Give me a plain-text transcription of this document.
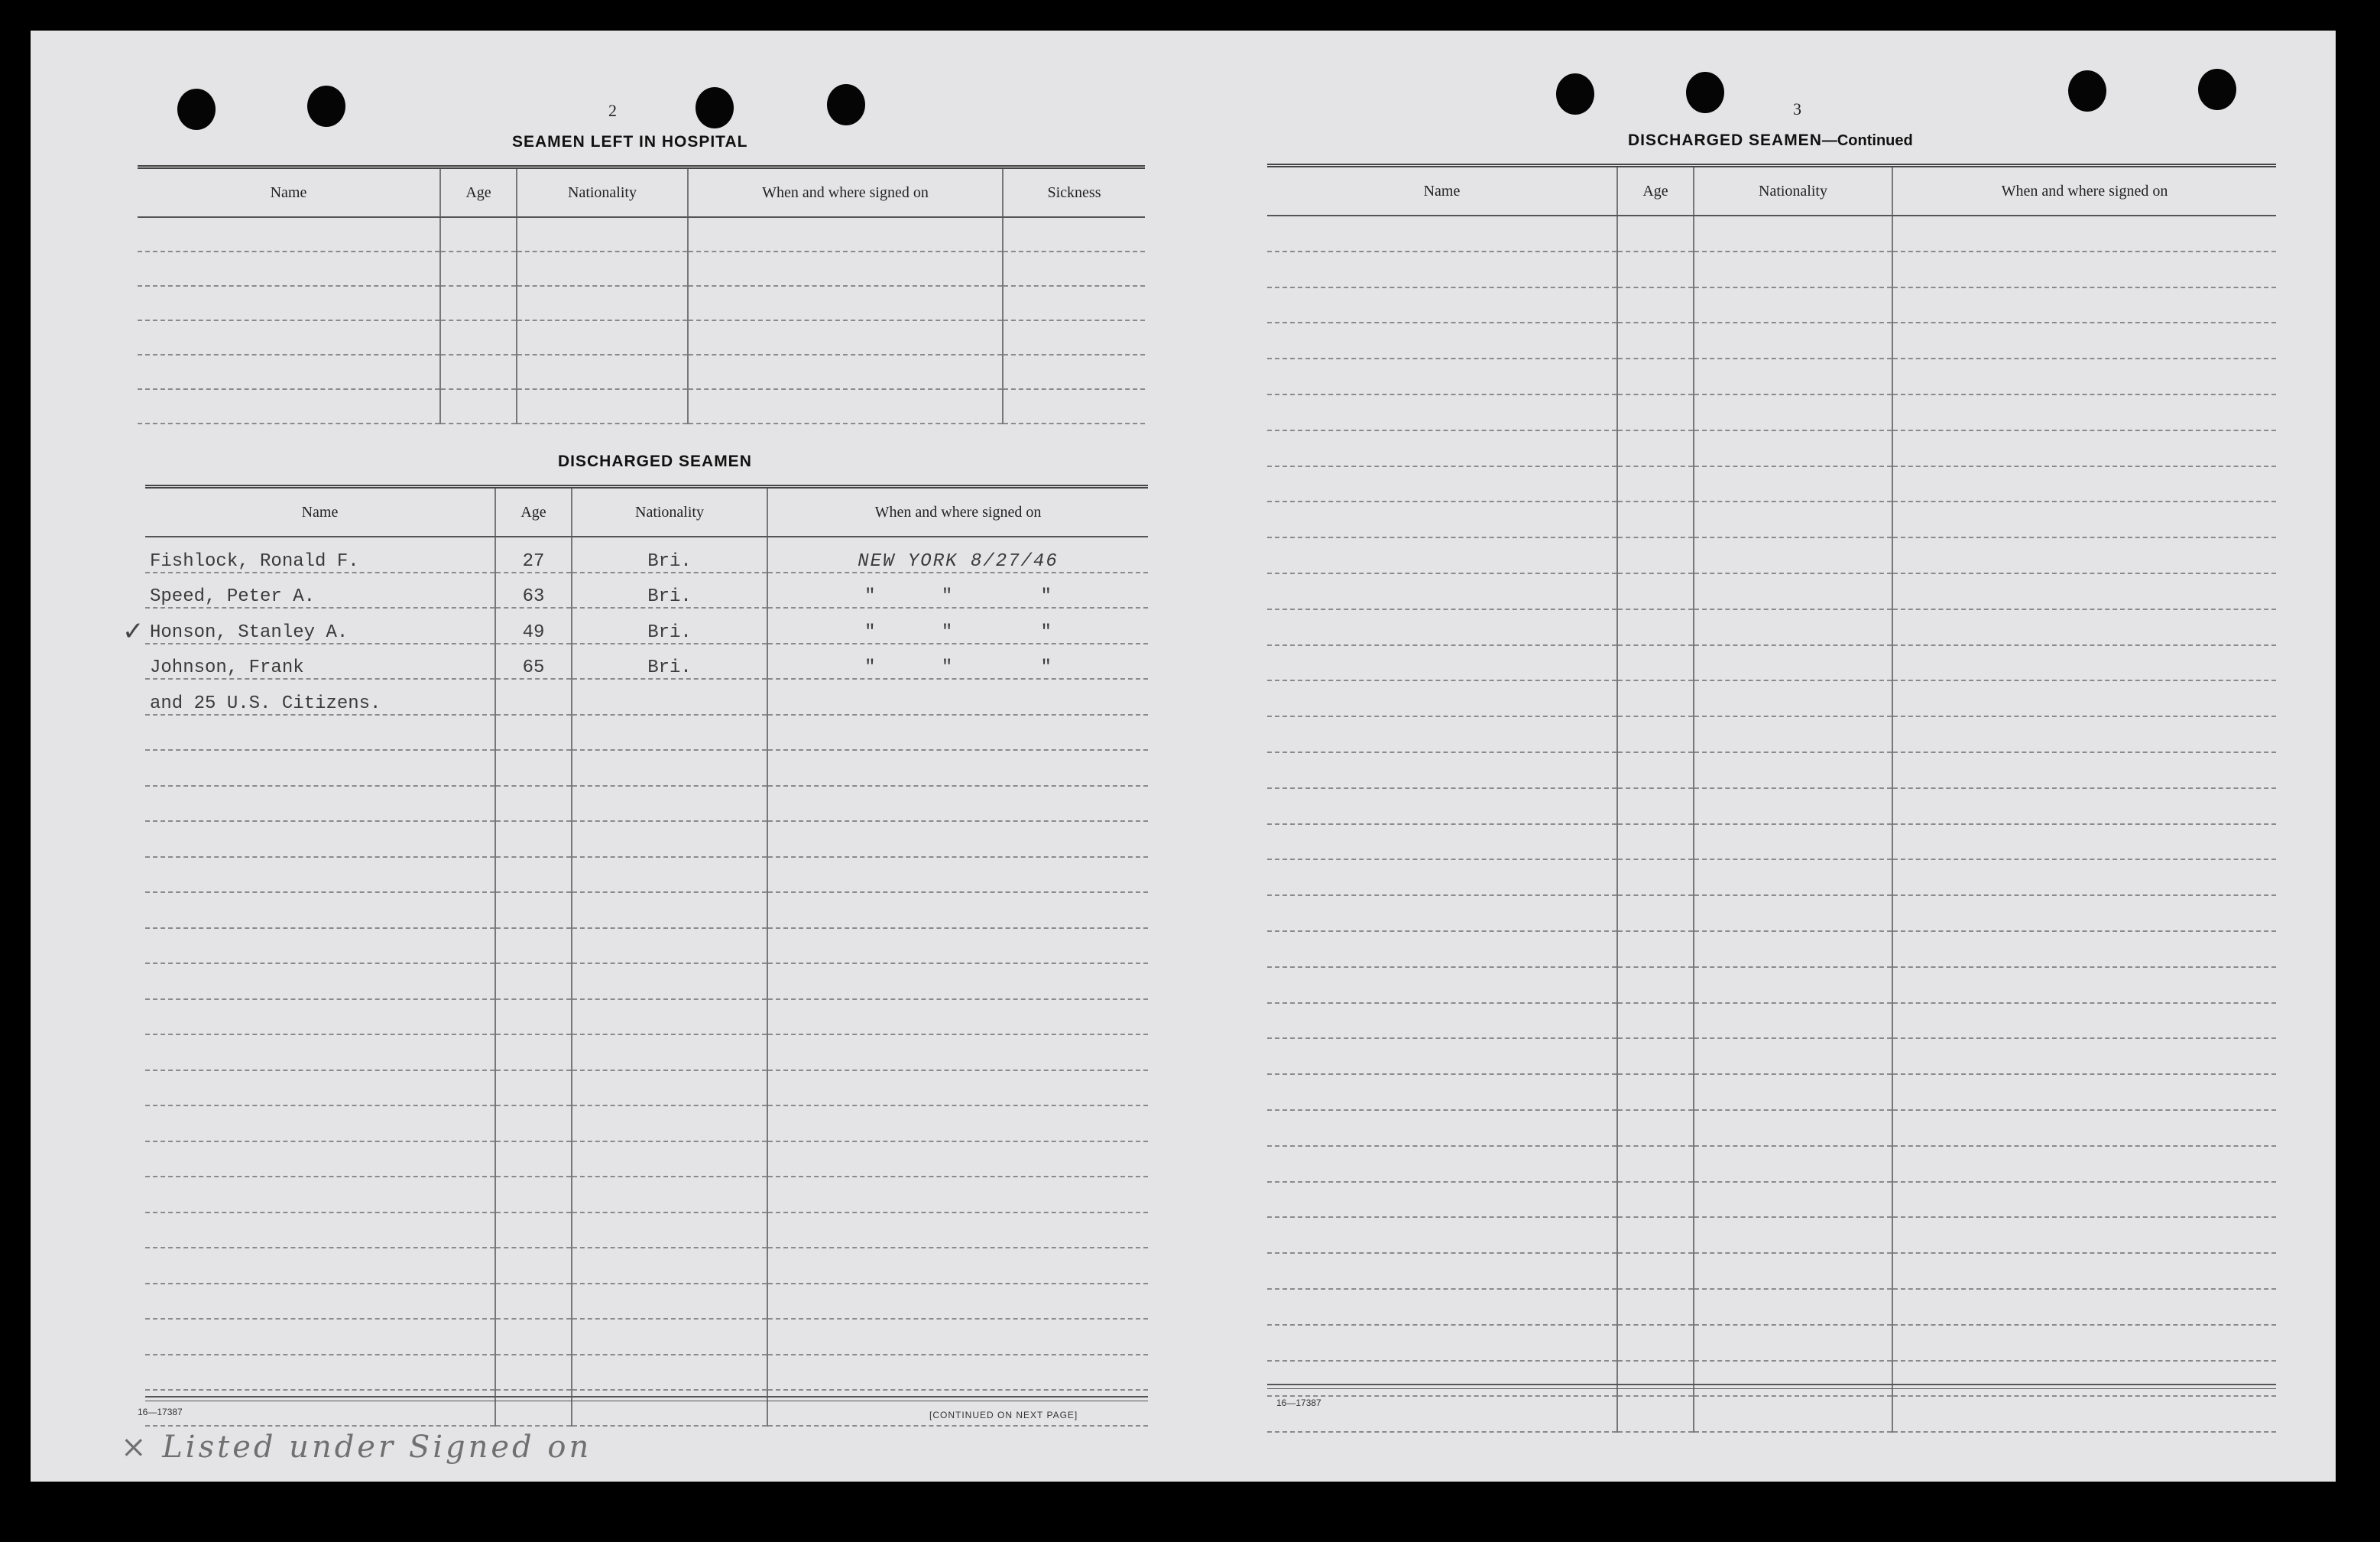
2
SEAMEN LEFT IN HOSPITAL
Name	Age	Nationality	When and where signed on	Sickness

DISCHARGED SEAMEN
Name	Age	Nationality	When and where signed on
Fishlock, Ronald F.	27	Bri.	NEW YORK 8/27/46
Speed, Peter A.	63	Bri.	"      "        "
Honson, Stanley A.	49	Bri.	"      "        "
Johnson, Frank	65	Bri.	"      "        "
and 25 U.S. Citizens.			

✓
16—17387	[CONTINUED ON NEXT PAGE]
3
DISCHARGED SEAMEN—Continued
Name	Age	Nationality	When and where signed on

16—17387
× Listed under Signed on
